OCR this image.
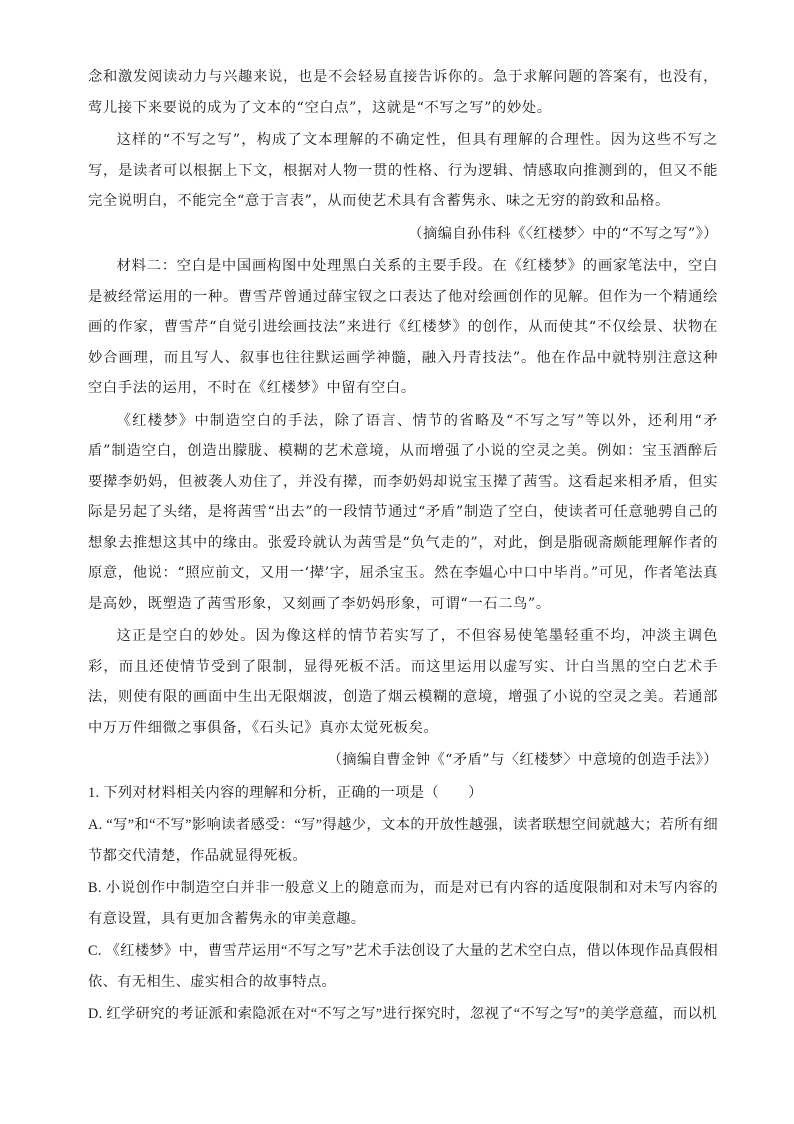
念和激发阅读动力与兴趣来说，也是不会轻易直接告诉你的。急于求解问题的答案有，也没有，莺儿接下来要说的成为了文本的“空白点”，这就是“不写之写”的妙处。

这样的“不写之写”，构成了文本理解的不确定性，但具有理解的合理性。因为这些不写之写，是读者可以根据上下文，根据对人物一贯的性格、行为逻辑、情感取向推测到的，但又不能完全说明白，不能完全“意于言表”，从而使艺术具有含蓄隽永、味之无穷的韵致和品格。

（摘编自孙伟科《〈红楼梦〉中的“不写之写”》）

材料二：空白是中国画构图中处理黑白关系的主要手段。在《红楼梦》的画家笔法中，空白是被经常运用的一种。曹雪芹曾通过薛宝钗之口表达了他对绘画创作的见解。但作为一个精通绘画的作家，曹雪芹“自觉引进绘画技法”来进行《红楼梦》的创作，从而使其“不仅绘景、状物在妙合画理，而且写人、叙事也往往默运画学神髓，融入丹青技法”。他在作品中就特别注意这种空白手法的运用，不时在《红楼梦》中留有空白。

《红楼梦》中制造空白的手法，除了语言、情节的省略及“不写之写”等以外，还利用“矛盾”制造空白，创造出朦胧、模糊的艺术意境，从而增强了小说的空灵之美。例如：宝玉酒醉后要撵李奶妈，但被袭人劝住了，并没有撵，而李奶妈却说宝玉撵了茜雪。这看起来相矛盾，但实际是另起了头绪，是将茜雪“出去”的一段情节通过“矛盾”制造了空白，使读者可任意驰骋自己的想象去推想这其中的缘由。张爱玲就认为茜雪是“负气走的”，对此，倒是脂砚斋颇能理解作者的原意，他说：“照应前文，又用一‘撵’字，屈杀宝玉。然在李媪心中口中毕肖。”可见，作者笔法真是高妙，既塑造了茜雪形象，又刻画了李奶妈形象，可谓“一石二鸟”。

这正是空白的妙处。因为像这样的情节若实写了，不但容易使笔墨轻重不均，冲淡主调色彩，而且还使情节受到了限制，显得死板不活。而这里运用以虚写实、计白当黑的空白艺术手法，则使有限的画面中生出无限烟波，创造了烟云模糊的意境，增强了小说的空灵之美。若通部中万万件细微之事俱备，《石头记》真亦太觉死板矣。

（摘编自曹金钟《“矛盾”与〈红楼梦〉中意境的创造手法》）

1. 下列对材料相关内容的理解和分析，正确的一项是（　　）

A. “写”和“不写”影响读者感受：“写”得越少，文本的开放性越强，读者联想空间就越大；若所有细节都交代清楚，作品就显得死板。

B. 小说创作中制造空白并非一般意义上的随意而为，而是对已有内容的适度限制和对未写内容的有意设置，具有更加含蓄隽永的审美意趣。

C. 《红楼梦》中，曹雪芹运用“不写之写”艺术手法创设了大量的艺术空白点，借以体现作品真假相依、有无相生、虚实相合的故事特点。

D. 红学研究的考证派和索隐派在对“不写之写”进行探究时，忽视了“不写之写”的美学意蕴，而以机
